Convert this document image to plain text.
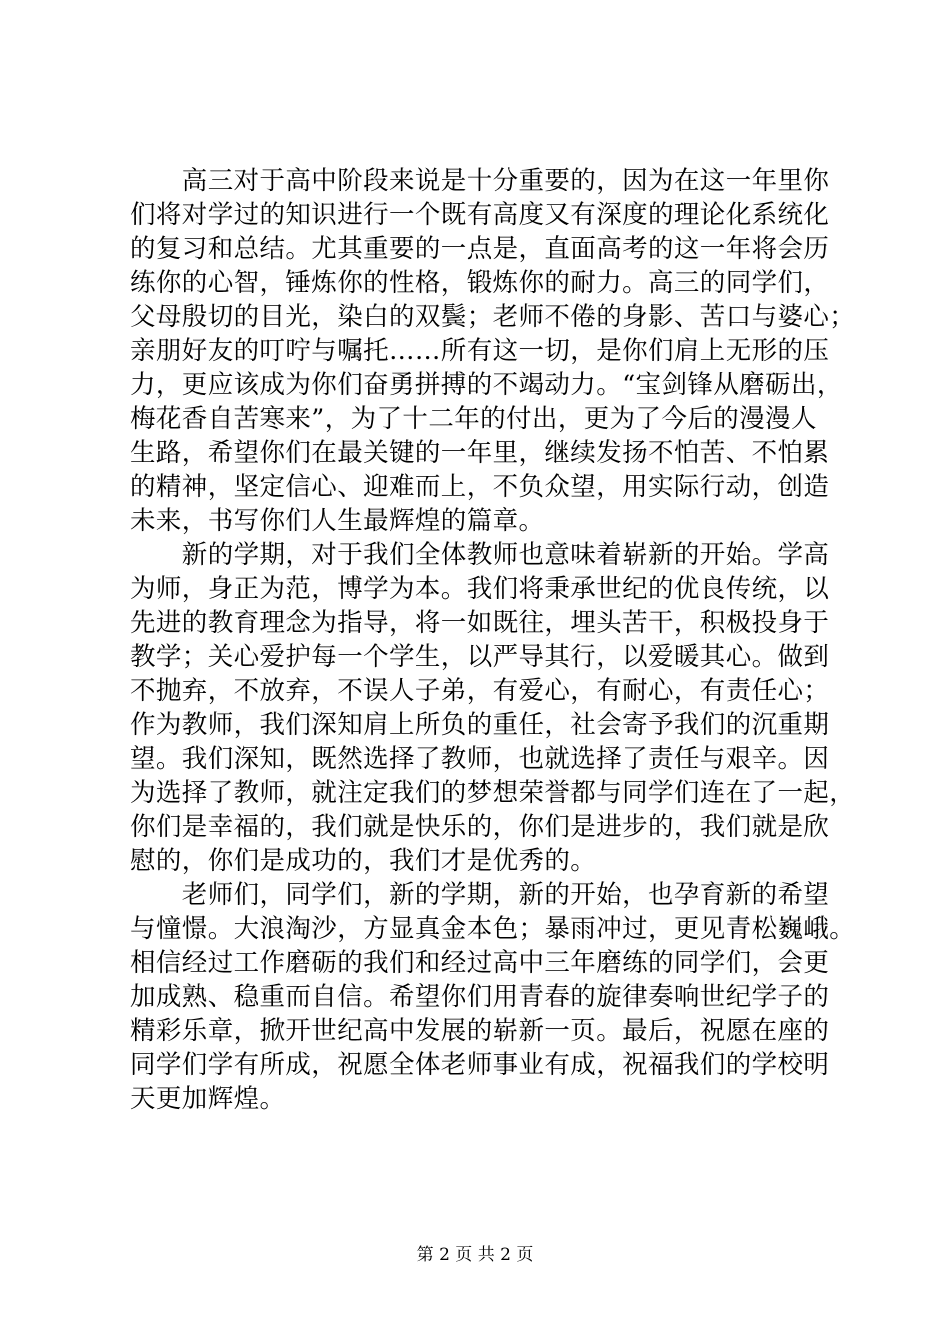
　　高三对于高中阶段来说是十分重要的，因为在这一年里你
们将对学过的知识进行一个既有高度又有深度的理论化系统化
的复习和总结。尤其重要的一点是，直面高考的这一年将会历
练你的心智，锤炼你的性格，锻炼你的耐力。高三的同学们，
父母殷切的目光，染白的双鬓；老师不倦的身影、苦口与婆心；
亲朋好友的叮咛与嘱托……所有这一切，是你们肩上无形的压
力，更应该成为你们奋勇拼搏的不竭动力。“宝剑锋从磨砺出，
梅花香自苦寒来”，为了十二年的付出，更为了今后的漫漫人
生路，希望你们在最关键的一年里，继续发扬不怕苦、不怕累
的精神，坚定信心、迎难而上，不负众望，用实际行动，创造
未来，书写你们人生最辉煌的篇章。
　　新的学期，对于我们全体教师也意味着崭新的开始。学高
为师，身正为范，博学为本。我们将秉承世纪的优良传统，以
先进的教育理念为指导，将一如既往，埋头苦干，积极投身于
教学；关心爱护每一个学生，以严导其行，以爱暖其心。做到
不抛弃，不放弃，不误人子弟，有爱心，有耐心，有责任心；
作为教师，我们深知肩上所负的重任，社会寄予我们的沉重期
望。我们深知，既然选择了教师，也就选择了责任与艰辛。因
为选择了教师，就注定我们的梦想荣誉都与同学们连在了一起，
你们是幸福的，我们就是快乐的，你们是进步的，我们就是欣
慰的，你们是成功的，我们才是优秀的。
　　老师们，同学们，新的学期，新的开始，也孕育新的希望
与憧憬。大浪淘沙，方显真金本色；暴雨冲过，更见青松巍峨。
相信经过工作磨砺的我们和经过高中三年磨练的同学们，会更
加成熟、稳重而自信。希望你们用青春的旋律奏响世纪学子的
精彩乐章，掀开世纪高中发展的崭新一页。最后，祝愿在座的
同学们学有所成，祝愿全体老师事业有成，祝福我们的学校明
天更加辉煌。
第 2 页 共 2 页
